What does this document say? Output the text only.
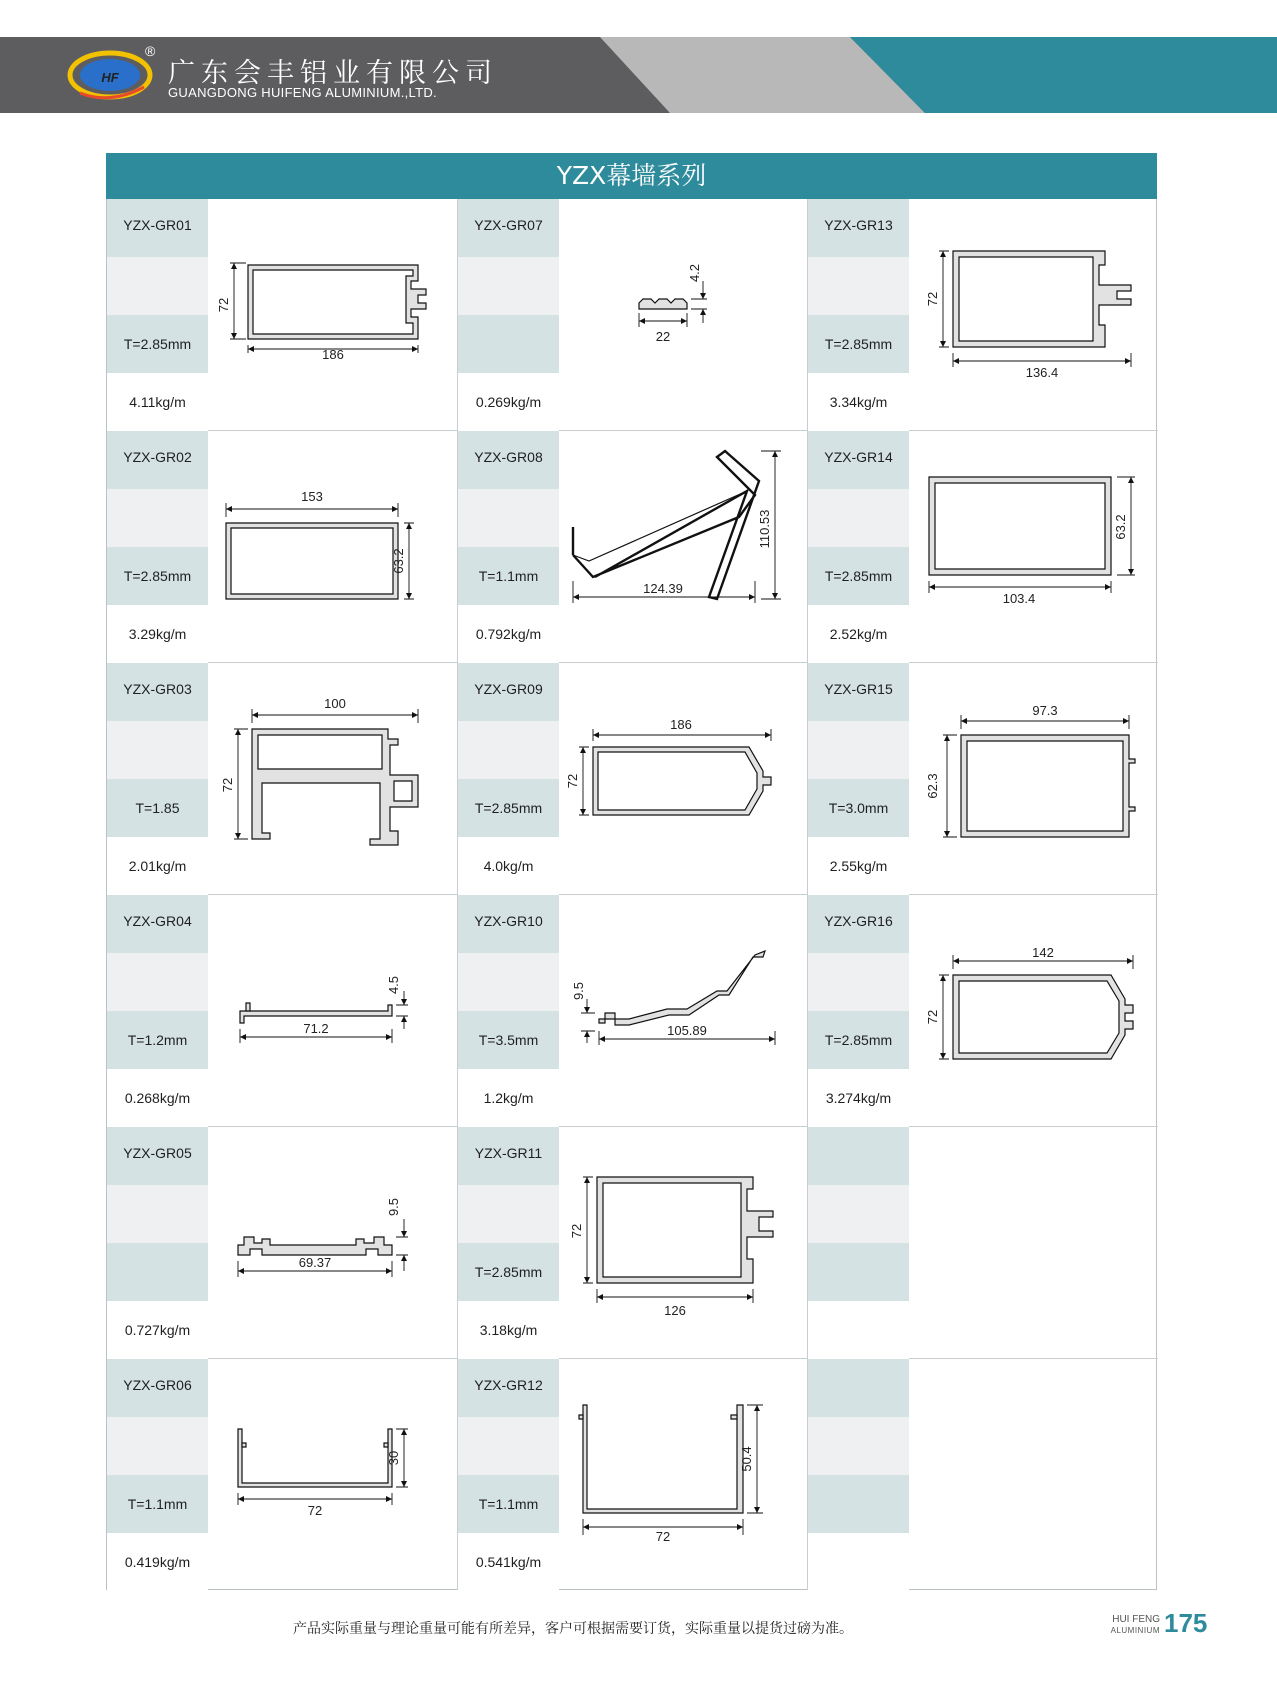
HF
®
广东会丰铝业有限公司
GUANGDONG HUIFENG ALUMINIUM.,LTD.
YZX幕墙系列
YZX-GR01
T=2.85mm
4.11kg/m
72
186
YZX-GR02
T=2.85mm
3.29kg/m
153
63.2
YZX-GR03
T=1.85
2.01kg/m
100
72
YZX-GR04
T=1.2mm
0.268kg/m
71.2
4.5
YZX-GR05
0.727kg/m
69.37
9.5
YZX-GR06
T=1.1mm
0.419kg/m
72
30
YZX-GR07
0.269kg/m
22
4.2
YZX-GR08
T=1.1mm
0.792kg/m
124.39
110.53
YZX-GR09
T=2.85mm
4.0kg/m
186
72
YZX-GR10
T=3.5mm
1.2kg/m
105.89
9.5
YZX-GR11
T=2.85mm
3.18kg/m
72
126
YZX-GR12
T=1.1mm
0.541kg/m
72
50.4
YZX-GR13
T=2.85mm
3.34kg/m
72
136.4
YZX-GR14
T=2.85mm
2.52kg/m
103.4
63.2
YZX-GR15
T=3.0mm
2.55kg/m
97.3
62.3
YZX-GR16
T=2.85mm
3.274kg/m
142
72
产品实际重量与理论重量可能有所差异，客户可根据需要订货，实际重量以提货过磅为准。
HUI FENG
ALUMINIUM 175
